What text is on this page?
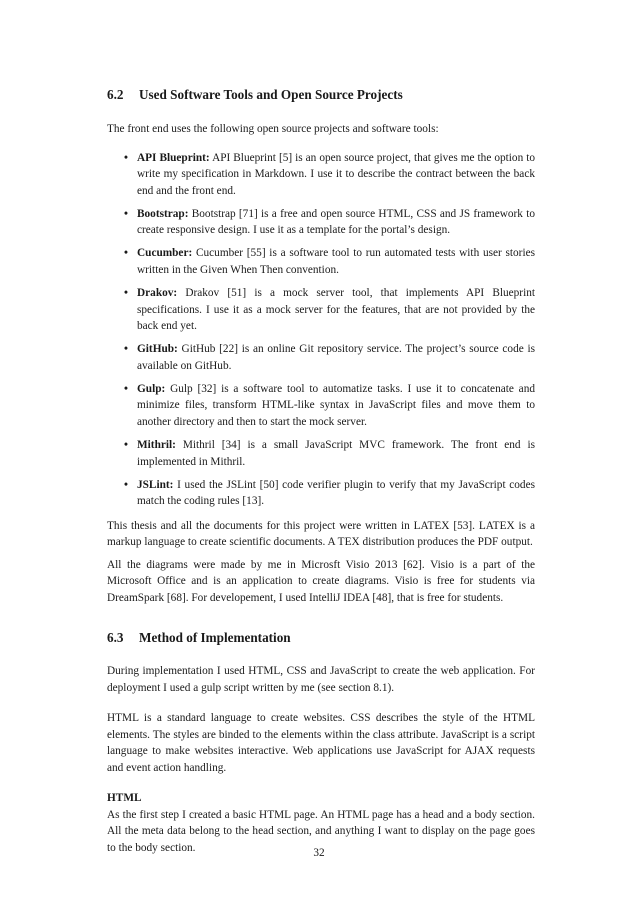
6.2 Used Software Tools and Open Source Projects

The front end uses the following open source projects and software tools:

• API Blueprint: API Blueprint [5] is an open source project, that gives me the option to write my specification in Markdown. I use it to describe the contract between the back end and the front end.
• Bootstrap: Bootstrap [71] is a free and open source HTML, CSS and JS framework to create responsive design. I use it as a template for the portal’s design.
• Cucumber: Cucumber [55] is a software tool to run automated tests with user stories written in the Given When Then convention.
• Drakov: Drakov [51] is a mock server tool, that implements API Blueprint specifications. I use it as a mock server for the features, that are not provided by the back end yet.
• GitHub: GitHub [22] is an online Git repository service. The project’s source code is available on GitHub.
• Gulp: Gulp [32] is a software tool to automatize tasks. I use it to concatenate and minimize files, transform HTML-like syntax in JavaScript files and move them to another directory and then to start the mock server.
• Mithril: Mithril [34] is a small JavaScript MVC framework. The front end is implemented in Mithril.
• JSLint: I used the JSLint [50] code verifier plugin to verify that my JavaScript codes match the coding rules [13].

This thesis and all the documents for this project were written in LATEX [53]. LATEX is a markup language to create scientific documents. A TEX distribution produces the PDF output.

All the diagrams were made by me in Microsft Visio 2013 [62]. Visio is a part of the Microsoft Office and is an application to create diagrams. Visio is free for students via DreamSpark [68]. For developement, I used IntelliJ IDEA [48], that is free for students.

6.3 Method of Implementation

During implementation I used HTML, CSS and JavaScript to create the web application. For deployment I used a gulp script written by me (see section 8.1).

HTML is a standard language to create websites. CSS describes the style of the HTML elements. The styles are binded to the elements within the class attribute. JavaScript is a script language to make websites interactive. Web applications use JavaScript for AJAX requests and event action handling.

HTML

As the first step I created a basic HTML page. An HTML page has a head and a body section. All the meta data belong to the head section, and anything I want to display on the page goes to the body section.	32
